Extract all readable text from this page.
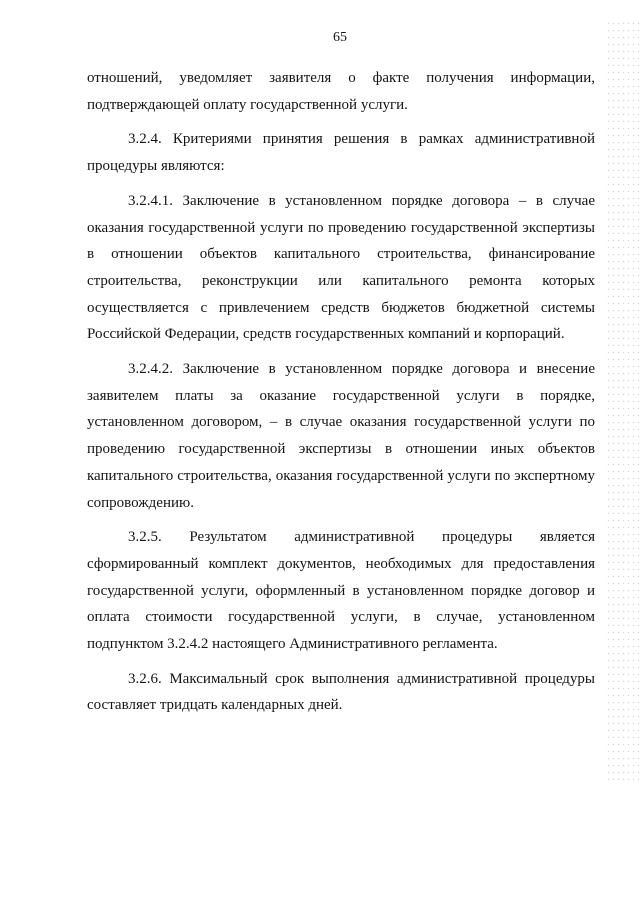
65

отношений, уведомляет заявителя о факте получения информации, подтверждающей оплату государственной услуги.

3.2.4. Критериями принятия решения в рамках административной процедуры являются:

3.2.4.1. Заключение в установленном порядке договора – в случае оказания государственной услуги по проведению государственной экспертизы в отношении объектов капитального строительства, финансирование строительства, реконструкции или капитального ремонта которых осуществляется с привлечением средств бюджетов бюджетной системы Российской Федерации, средств государственных компаний и корпораций.

3.2.4.2. Заключение в установленном порядке договора и внесение заявителем платы за оказание государственной услуги в порядке, установленном договором, – в случае оказания государственной услуги по проведению государственной экспертизы в отношении иных объектов капитального строительства, оказания государственной услуги по экспертному сопровождению.

3.2.5. Результатом административной процедуры является сформированный комплект документов, необходимых для предоставления государственной услуги, оформленный в установленном порядке договор и оплата стоимости государственной услуги, в случае, установленном подпунктом 3.2.4.2 настоящего Административного регламента.

3.2.6. Максимальный срок выполнения административной процедуры составляет тридцать календарных дней.
